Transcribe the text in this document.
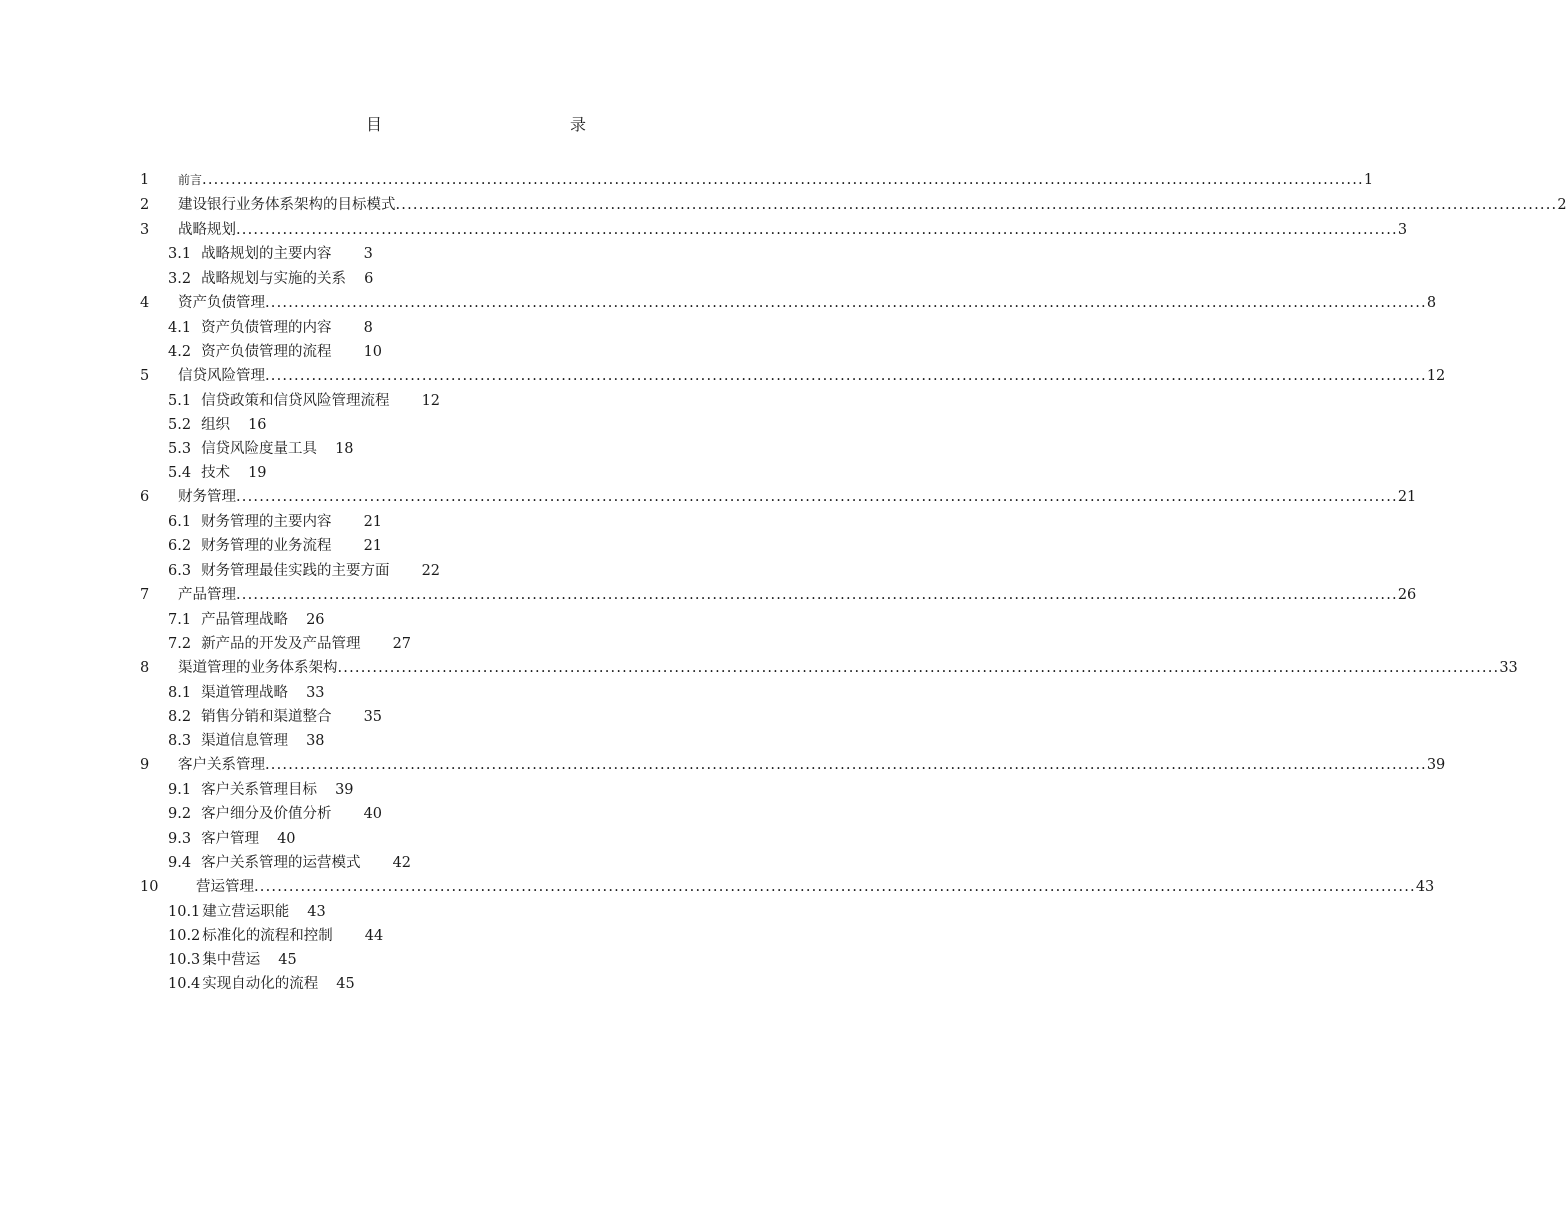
目	录
1 前言 ........................................................................................................................................................................................................ 1
2 建设银行业务体系架构的目标模式 ........................................................................................................................................................................................................ 2
3 战略规划 ........................................................................................................................................................................................................ 3
3.1 战略规划的主要内容 3
3.2 战略规划与实施的关系 6
4 资产负债管理 ........................................................................................................................................................................................................ 8
4.1 资产负债管理的内容 8
4.2 资产负债管理的流程 10
5 信贷风险管理 ........................................................................................................................................................................................................ 12
5.1 信贷政策和信贷风险管理流程 12
5.2 组织 16
5.3 信贷风险度量工具 18
5.4 技术 19
6 财务管理 ........................................................................................................................................................................................................ 21
6.1 财务管理的主要内容 21
6.2 财务管理的业务流程 21
6.3 财务管理最佳实践的主要方面 22
7 产品管理 ........................................................................................................................................................................................................ 26
7.1 产品管理战略 26
7.2 新产品的开发及产品管理 27
8 渠道管理的业务体系架构 ........................................................................................................................................................................................................ 33
8.1 渠道管理战略 33
8.2 销售分销和渠道整合 35
8.3 渠道信息管理 38
9 客户关系管理 ........................................................................................................................................................................................................ 39
9.1 客户关系管理目标 39
9.2 客户细分及价值分析 40
9.3 客户管理 40
9.4 客户关系管理的运营模式 42
10	营运管理 ........................................................................................................................................................................................................ 43
10.1 建立营运职能 43
10.2 标准化的流程和控制 44
10.3 集中营运 45
10.4 实现自动化的流程 45
